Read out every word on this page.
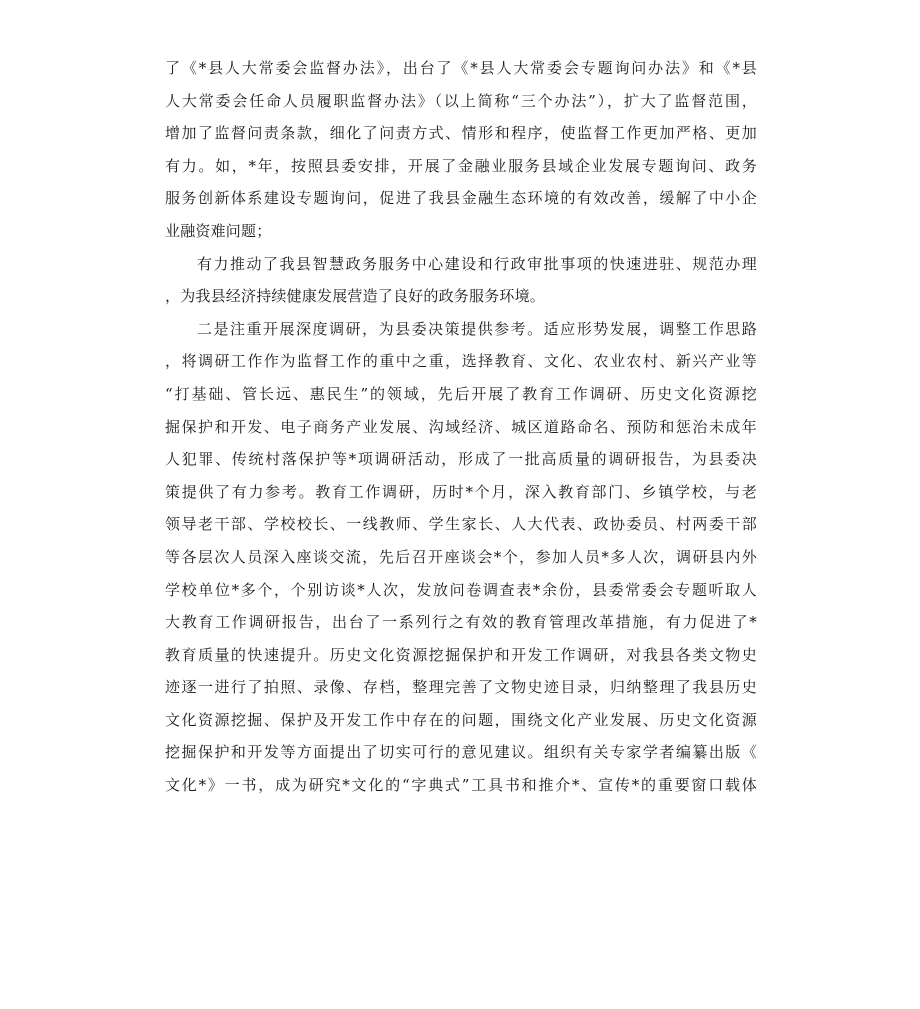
了《*县人大常委会监督办法》，出台了《*县人大常委会专题询问办法》和《*县
人大常委会任命人员履职监督办法》（以上简称“三个办法”），扩大了监督范围，
增加了监督问责条款，细化了问责方式、情形和程序，使监督工作更加严格、更加
有力。如，*年，按照县委安排，开展了金融业服务县域企业发展专题询问、政务
服务创新体系建设专题询问，促进了我县金融生态环境的有效改善，缓解了中小企
业融资难问题；
有力推动了我县智慧政务服务中心建设和行政审批事项的快速进驻、规范办理
，为我县经济持续健康发展营造了良好的政务服务环境。
二是注重开展深度调研，为县委决策提供参考。适应形势发展，调整工作思路
，将调研工作作为监督工作的重中之重，选择教育、文化、农业农村、新兴产业等
“打基础、管长远、惠民生”的领域，先后开展了教育工作调研、历史文化资源挖
掘保护和开发、电子商务产业发展、沟域经济、城区道路命名、预防和惩治未成年
人犯罪、传统村落保护等*项调研活动，形成了一批高质量的调研报告，为县委决
策提供了有力参考。教育工作调研，历时*个月，深入教育部门、乡镇学校，与老
领导老干部、学校校长、一线教师、学生家长、人大代表、政协委员、村两委干部
等各层次人员深入座谈交流，先后召开座谈会*个，参加人员*多人次，调研县内外
学校单位*多个，个别访谈*人次，发放问卷调查表*余份，县委常委会专题听取人
大教育工作调研报告，出台了一系列行之有效的教育管理改革措施，有力促进了*
教育质量的快速提升。历史文化资源挖掘保护和开发工作调研，对我县各类文物史
迹逐一进行了拍照、录像、存档，整理完善了文物史迹目录，归纳整理了我县历史
文化资源挖掘、保护及开发工作中存在的问题，围绕文化产业发展、历史文化资源
挖掘保护和开发等方面提出了切实可行的意见建议。组织有关专家学者编纂出版《
文化*》一书，成为研究*文化的“字典式”工具书和推介*、宣传*的重要窗口载体
